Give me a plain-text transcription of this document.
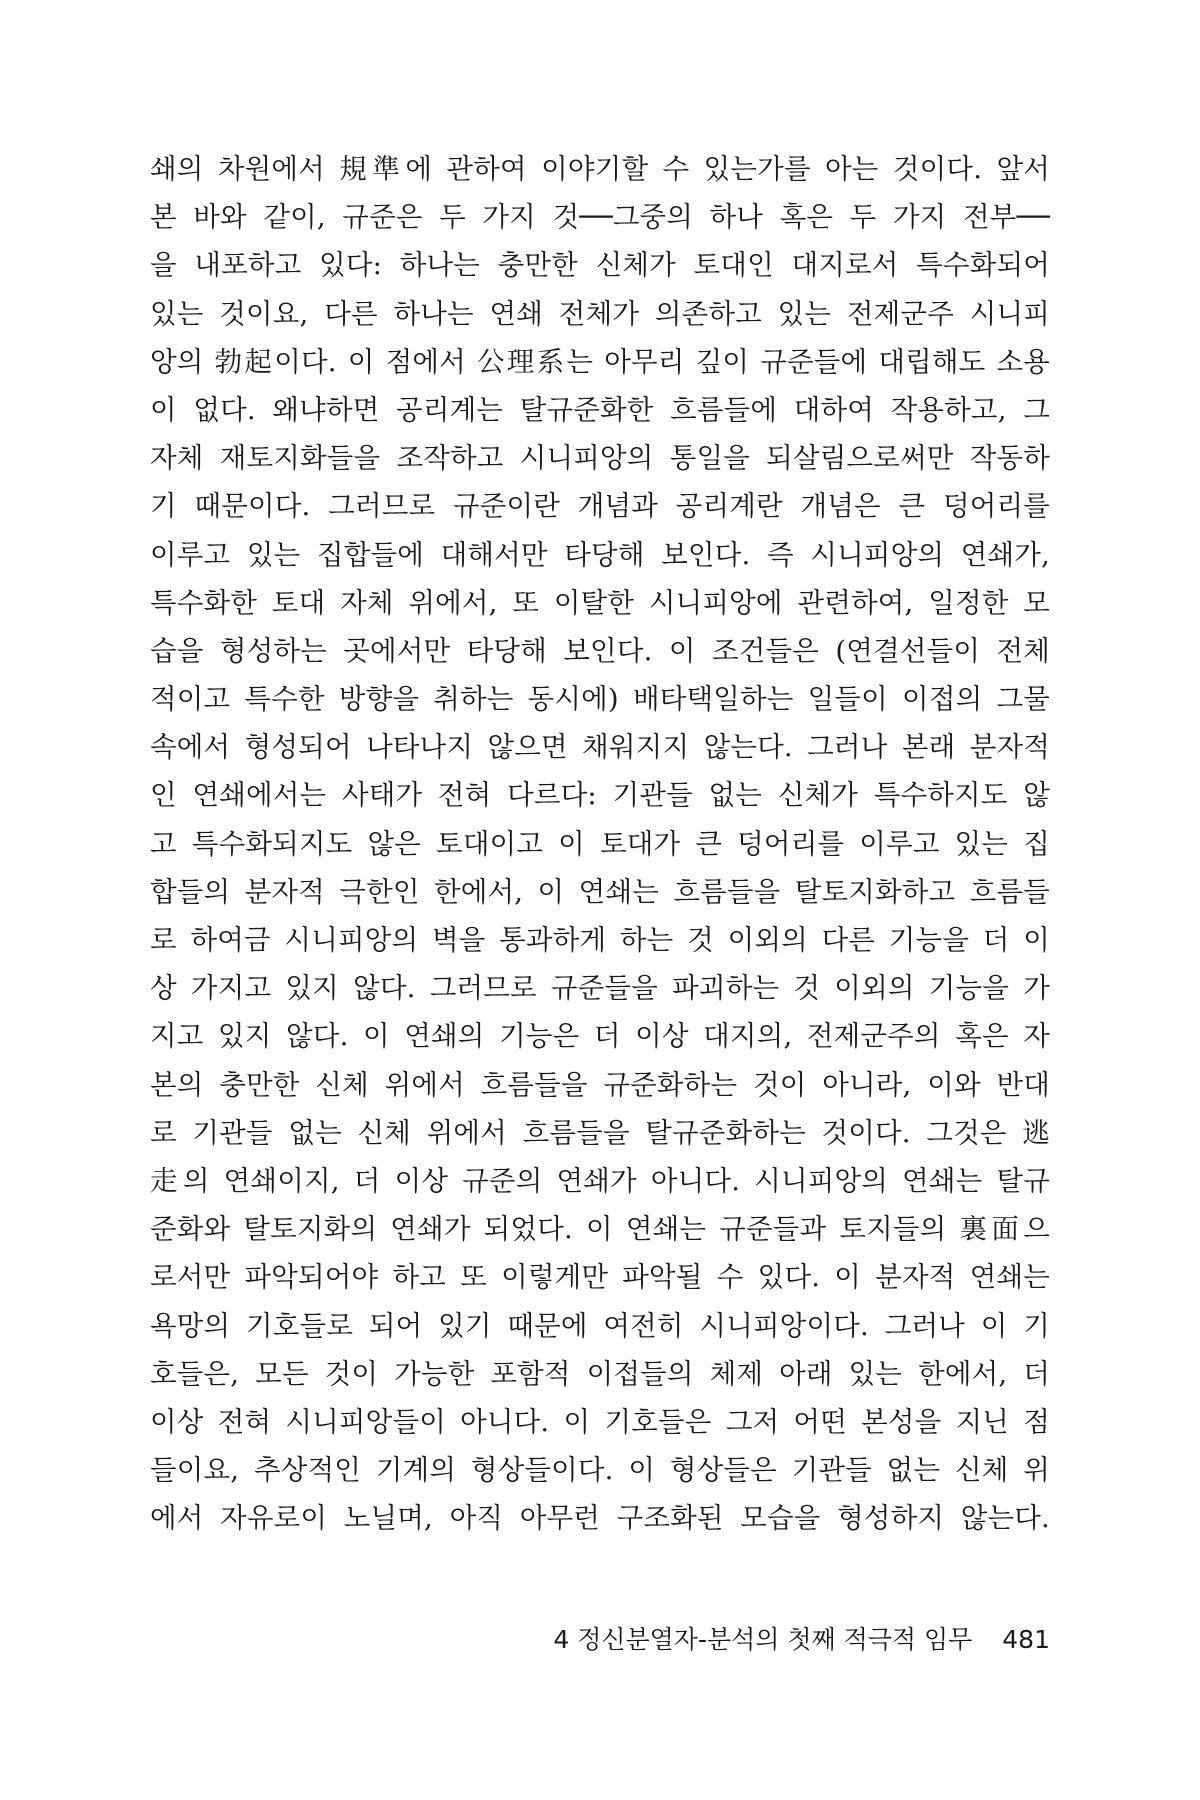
쇄의 차원에서 規準에 관하여 이야기할 수 있는가를 아는 것이다. 앞서
본 바와 같이, 규준은 두 가지 것──그중의 하나 혹은 두 가지 전부──
을 내포하고 있다: 하나는 충만한 신체가 토대인 대지로서 특수화되어
있는 것이요, 다른 하나는 연쇄 전체가 의존하고 있는 전제군주 시니피
앙의 勃起이다. 이 점에서 公理系는 아무리 깊이 규준들에 대립해도 소용
이 없다. 왜냐하면 공리계는 탈규준화한 흐름들에 대하여 작용하고, 그
자체 재토지화들을 조작하고 시니피앙의 통일을 되살림으로써만 작동하
기 때문이다. 그러므로 규준이란 개념과 공리계란 개념은 큰 덩어리를
이루고 있는 집합들에 대해서만 타당해 보인다. 즉 시니피앙의 연쇄가,
특수화한 토대 자체 위에서, 또 이탈한 시니피앙에 관련하여, 일정한 모
습을 형성하는 곳에서만 타당해 보인다. 이 조건들은 (연결선들이 전체
적이고 특수한 방향을 취하는 동시에) 배타택일하는 일들이 이접의 그물
속에서 형성되어 나타나지 않으면 채워지지 않는다. 그러나 본래 분자적
인 연쇄에서는 사태가 전혀 다르다: 기관들 없는 신체가 특수하지도 않
고 특수화되지도 않은 토대이고 이 토대가 큰 덩어리를 이루고 있는 집
합들의 분자적 극한인 한에서, 이 연쇄는 흐름들을 탈토지화하고 흐름들
로 하여금 시니피앙의 벽을 통과하게 하는 것 이외의 다른 기능을 더 이
상 가지고 있지 않다. 그러므로 규준들을 파괴하는 것 이외의 기능을 가
지고 있지 않다. 이 연쇄의 기능은 더 이상 대지의, 전제군주의 혹은 자
본의 충만한 신체 위에서 흐름들을 규준화하는 것이 아니라, 이와 반대
로 기관들 없는 신체 위에서 흐름들을 탈규준화하는 것이다. 그것은 逃
走의 연쇄이지, 더 이상 규준의 연쇄가 아니다. 시니피앙의 연쇄는 탈규
준화와 탈토지화의 연쇄가 되었다. 이 연쇄는 규준들과 토지들의 裏面으
로서만 파악되어야 하고 또 이렇게만 파악될 수 있다. 이 분자적 연쇄는
욕망의 기호들로 되어 있기 때문에 여전히 시니피앙이다. 그러나 이 기
호들은, 모든 것이 가능한 포함적 이접들의 체제 아래 있는 한에서, 더
이상 전혀 시니피앙들이 아니다. 이 기호들은 그저 어떤 본성을 지닌 점
들이요, 추상적인 기계의 형상들이다. 이 형상들은 기관들 없는 신체 위
에서 자유로이 노닐며, 아직 아무런 구조화된 모습을 형성하지 않는다.
4 정신분열자-분석의 첫째 적극적 임무 481
